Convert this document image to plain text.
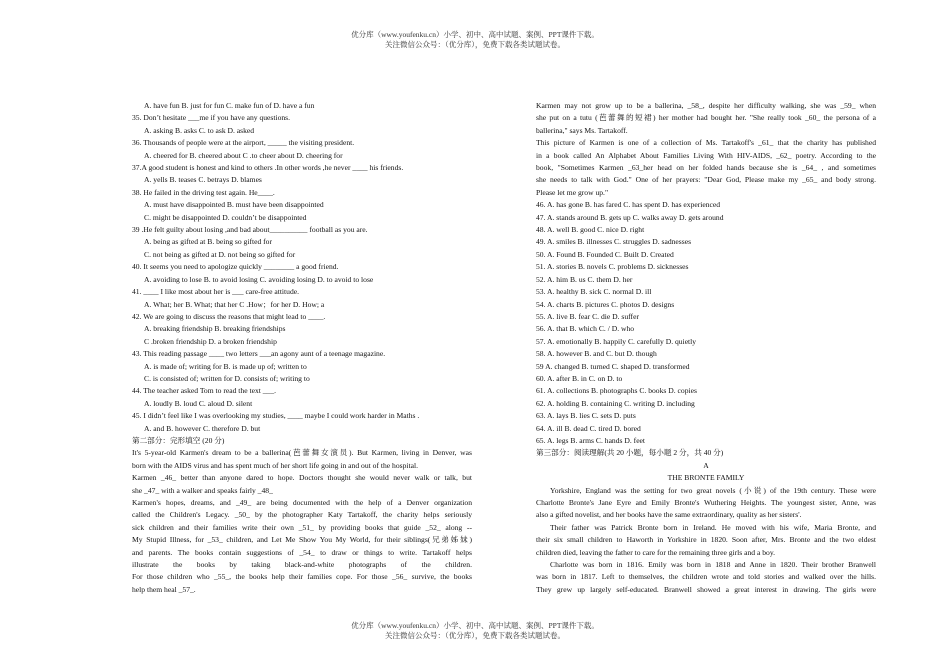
优分库（www.youfenku.cn）小学、初中、高中试题、案例、PPT课件下载。
关注微信公众号：（优分库），免费下载各类试题试卷。
A. have fun B. just for fun C. make fun of D. have a fun
35. Don’t hesitate ___me if you have any questions.
A. asking B. asks C. to ask D. asked
36. Thousands of people were at the airport, _____ the visiting president.
A. cheered for B. cheered about C .to cheer about D. cheering for
37.A good student is honest and kind to others .In other words ,he never ____ his friends.
A. yells B. teases C. betrays D. blames
38. He failed in the driving test again. He____.
A. must have disappointed B. must have been disappointed
C. might be disappointed D. couldn’t be disappointed
39 .He felt guilty about losing ,and bad about__________ football as you are.
A. being as gifted at B. being so gifted for
C. not being as gifted at D. not being so gifted for
40. It seems you need to apologize quickly ________ a good friend.
A. avoiding to lose B. to avoid losing C. avoiding losing D. to avoid to lose
41. ____ I like most about her is ___ care-free attitude.
A. What; her B. What; that her C .How；for her D. How; a
42. We are going to discuss the reasons that might lead to ____.
A. breaking friendship B. breaking friendships
C .broken friendship D. a broken friendship
43. This reading passage ____ two letters ___an agony aunt of a teenage magazine.
A. is made of; writing for B. is made up of; written to
C. is consisted of; written for D. consists of; writing to
44. The teacher asked Tom to read the text ___.
A. loudly B. loud C. aloud D. silent
45. I didn’t feel like I was overlooking my studies, ____ maybe I could work harder in Maths .
A. and B. however C. therefore D. but
第二部分：完形填空 (20 分)
It's 5-year-old Karmen's dream to be a ballerina(芭蕾舞女演员). But Karmen, living in Denver, was
born with the AIDS virus and has spent much of her short life going in and out of the hospital.
Karmen _46_ better than anyone dared to hope. Doctors thought she would never walk or talk, but
she _47_ with a walker and speaks fairly _48_
Karmen's hopes, dreams, and _49_ are being documented with the help of a Denver organization
called the Children's Legacy. _50_ by the photographer Katy Tartakoff, the charity helps seriously
sick children and their families write their own _51_ by providing books that guide _52_ along --
My Stupid Illness, for _53_ children, and Let Me Show You My World, for their siblings(兄弟姊妹)
and parents. The books contain suggestions of _54_ to draw or things to write. Tartakoff helps
illustrate the books by taking black-and-white photographs of the children.
For those children who _55_, the books help their families cope. For those _56_ survive, the books
help them heal _57_.
Karmen may not grow up to be a ballerina, _58_, despite her difficulty walking, she was _59_ when
she put on a tutu (芭蕾舞的短裙) her mother had bought her. "She really took _60_ the persona of a
ballerina," says Ms. Tartakoff.
This picture of Karmen is one of a collection of Ms. Tartakoff's _61_ that the charity has published
in a book called An Alphabet About Families Living With HIV-AIDS, _62_ poetry. According to the
book, "Sometimes Karmen _63_her head on her folded hands because she is _64_ , and sometimes
she needs to talk with God." One of her prayers: "Dear God, Please make my _65_ and body strong.
Please let me grow up."
46. A. has gone B. has fared C. has spent D. has experienced
47. A. stands around B. gets up C. walks away D. gets around
48. A. well B. good C. nice D. right
49. A. smiles B. illnesses C. struggles D. sadnesses
50. A. Found B. Founded C. Built D. Created
51. A. stories B. novels C. problems D. sicknesses
52. A. him B. us C. them D. her
53. A. healthy B. sick C. normal D. ill
54. A. charts B. pictures C. photos D. designs
55. A. live B. fear C. die D. suffer
56. A. that B. which C. / D. who
57. A. emotionally B. happily C. carefully D. quietly
58. A. however B. and C. but D. though
59 A. changed B. turned C. shaped D. transformed
60. A. after B. in C. on D. to
61. A. collections B. photographs C. books D. copies
62. A. holding B. containing C. writing D. including
63. A. lays B. lies C. sets D. puts
64. A. ill B. dead C. tired D. bored
65. A. legs B. arms C. hands D. feet
第三部分：阅读理解(共 20 小题，每小题 2 分，共 40 分)
A
THE BRONTE FAMILY
Yorkshire, England was the setting for two great novels (小说) of the 19th century. These were
Charlotte Bronte's Jane Eyre and Emily Bronte's Wuthering Heights. The youngest sister, Anne, was
also a gifted novelist, and her books have the same extraordinary, quality as her sisters'.
Their father was Patrick Bronte born in Ireland. He moved with his wife, Maria Bronte, and
their six small children to Haworth in Yorkshire in 1820. Soon after, Mrs. Bronte and the two eldest
children died, leaving the father to care for the remaining three girls and a boy.
Charlotte was born in 1816. Emily was born in 1818 and Anne in 1820. Their brother Branwell
was born in 1817. Left to themselves, the children wrote and told stories and walked over the hills.
They grew up largely self-educated. Branwell showed a great interest in drawing. The girls were
优分库（www.youfenku.cn）小学、初中、高中试题、案例、PPT课件下载。
关注微信公众号：（优分库），免费下载各类试题试卷。
